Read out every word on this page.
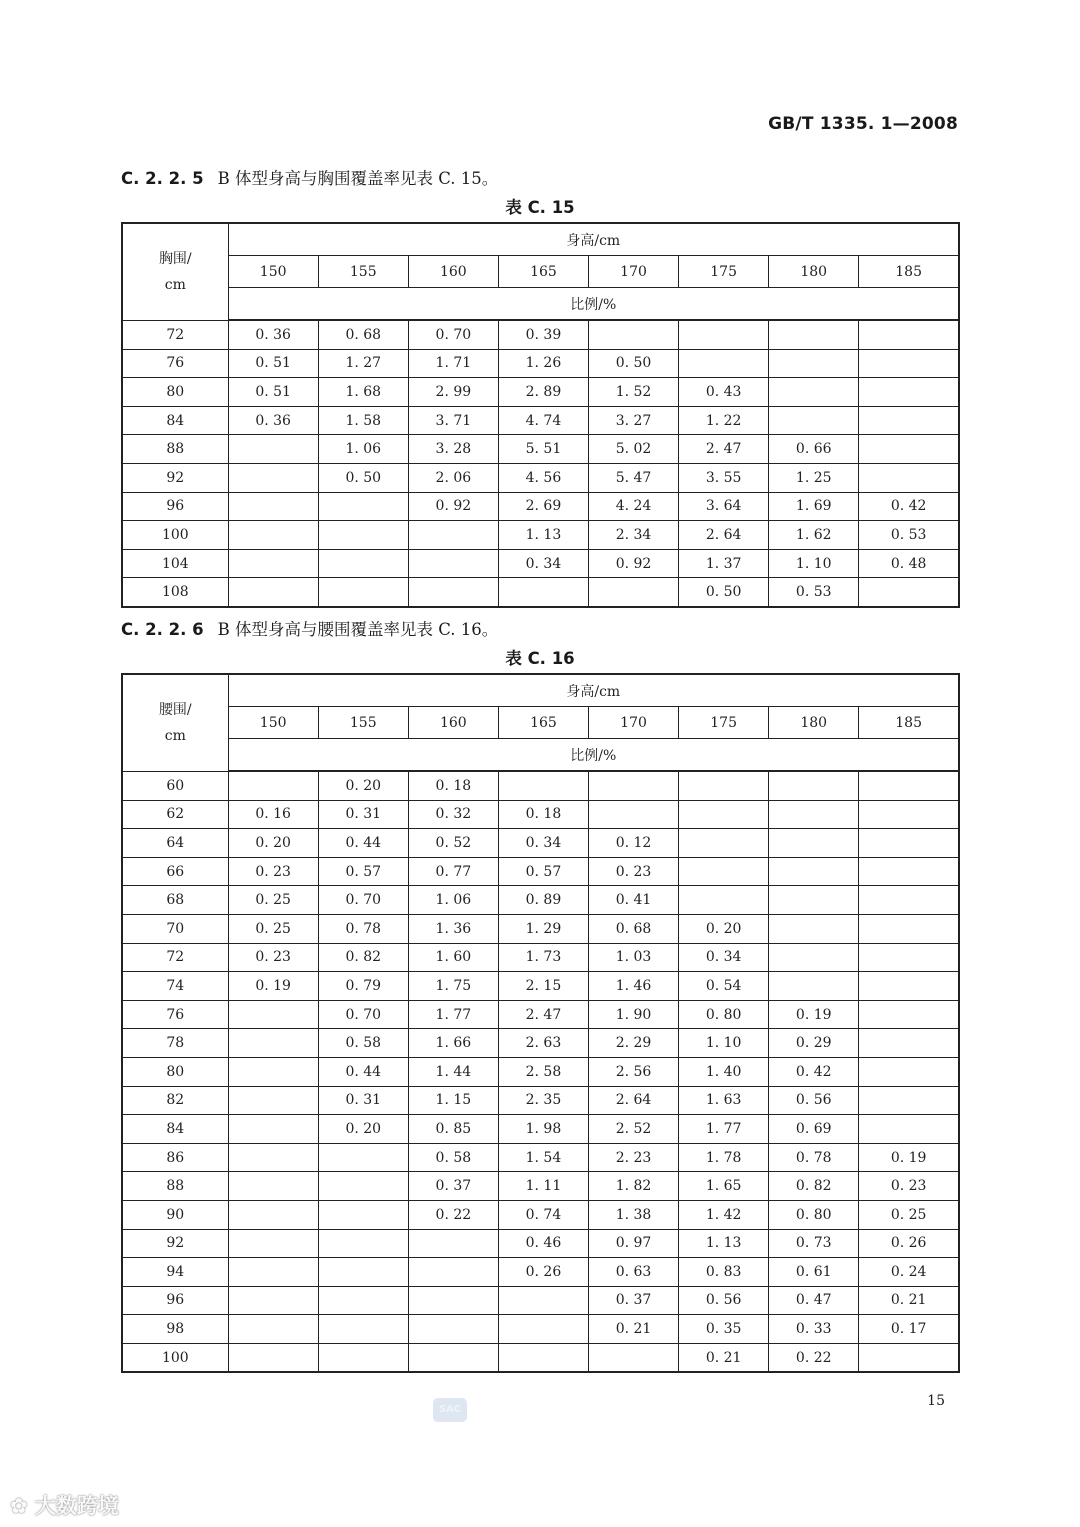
GB/T 1335. 1—2008
C. 2. 2. 5 B 体型身高与胸围覆盖率见表 C. 15。
表 C. 15
胸围/
cm	身高/cm							
	150	155	160	165	170	175	180	185
	比例/%							
72	0. 36	0. 68	0. 70	0. 39				
76	0. 51	1. 27	1. 71	1. 26	0. 50			
80	0. 51	1. 68	2. 99	2. 89	1. 52	0. 43		
84	0. 36	1. 58	3. 71	4. 74	3. 27	1. 22		
88		1. 06	3. 28	5. 51	5. 02	2. 47	0. 66	
92		0. 50	2. 06	4. 56	5. 47	3. 55	1. 25	
96			0. 92	2. 69	4. 24	3. 64	1. 69	0. 42
100				1. 13	2. 34	2. 64	1. 62	0. 53
104				0. 34	0. 92	1. 37	1. 10	0. 48
108						0. 50	0. 53	
C. 2. 2. 6 B 体型身高与腰围覆盖率见表 C. 16。
表 C. 16
腰围/
cm	身高/cm							
	150	155	160	165	170	175	180	185
	比例/%							
60		0. 20	0. 18					
62	0. 16	0. 31	0. 32	0. 18				
64	0. 20	0. 44	0. 52	0. 34	0. 12			
66	0. 23	0. 57	0. 77	0. 57	0. 23			
68	0. 25	0. 70	1. 06	0. 89	0. 41			
70	0. 25	0. 78	1. 36	1. 29	0. 68	0. 20		
72	0. 23	0. 82	1. 60	1. 73	1. 03	0. 34		
74	0. 19	0. 79	1. 75	2. 15	1. 46	0. 54		
76		0. 70	1. 77	2. 47	1. 90	0. 80	0. 19	
78		0. 58	1. 66	2. 63	2. 29	1. 10	0. 29	
80		0. 44	1. 44	2. 58	2. 56	1. 40	0. 42	
82		0. 31	1. 15	2. 35	2. 64	1. 63	0. 56	
84		0. 20	0. 85	1. 98	2. 52	1. 77	0. 69	
86			0. 58	1. 54	2. 23	1. 78	0. 78	0. 19
88			0. 37	1. 11	1. 82	1. 65	0. 82	0. 23
90			0. 22	0. 74	1. 38	1. 42	0. 80	0. 25
92				0. 46	0. 97	1. 13	0. 73	0. 26
94				0. 26	0. 63	0. 83	0. 61	0. 24
96					0. 37	0. 56	0. 47	0. 21
98					0. 21	0. 35	0. 33	0. 17
100						0. 21	0. 22	
SAC
15
✿ 大数跨境
